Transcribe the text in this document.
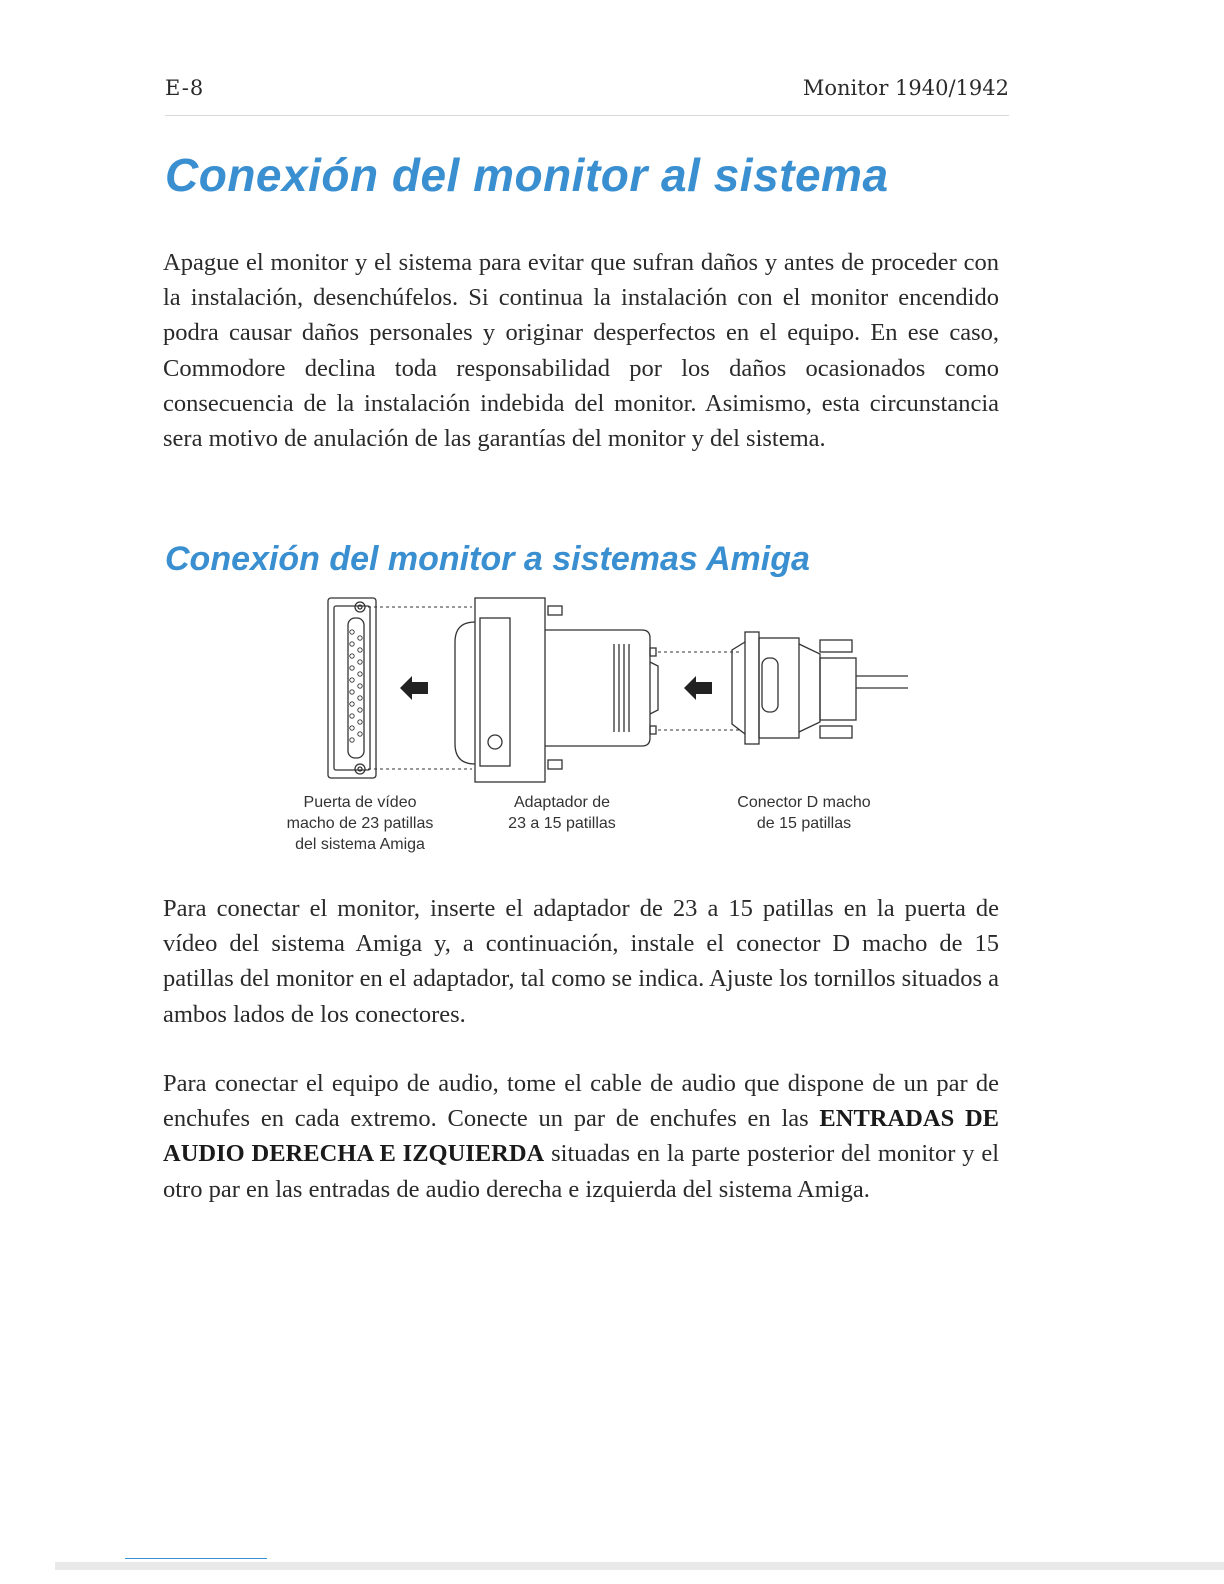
E-8	Monitor 1940/1942
Conexión del monitor al sistema

Apague el monitor y el sistema para evitar que sufran daños y antes de proceder con la instalación, desenchúfelos. Si continua la instalación con el monitor encendido podra causar daños personales y originar desperfectos en el equipo. En ese caso, Commodore declina toda responsabilidad por los daños ocasionados como consecuencia de la instalación indebida del monitor. Asimismo, esta circunstancia sera motivo de anulación de las garantías del monitor y del sistema.

Conexión del monitor a sistemas Amiga
Puerta de vídeo
macho de 23 patillas
del sistema Amiga
Adaptador de
23 a 15 patillas
Conector D macho
de 15 patillas

Para conectar el monitor, inserte el adaptador de 23 a 15 patillas en la puerta de vídeo del sistema Amiga y, a continuación, instale el conector D macho de 15 patillas del monitor en el adaptador, tal como se indica. Ajuste los tornillos situados a ambos lados de los conectores.

Para conectar el equipo de audio, tome el cable de audio que dispone de un par de enchufes en cada extremo. Conecte un par de enchufes en las ENTRADAS DE AUDIO DERECHA E IZQUIERDA situadas en la parte posterior del monitor y el otro par en las entradas de audio derecha e izquierda del sistema Amiga.
